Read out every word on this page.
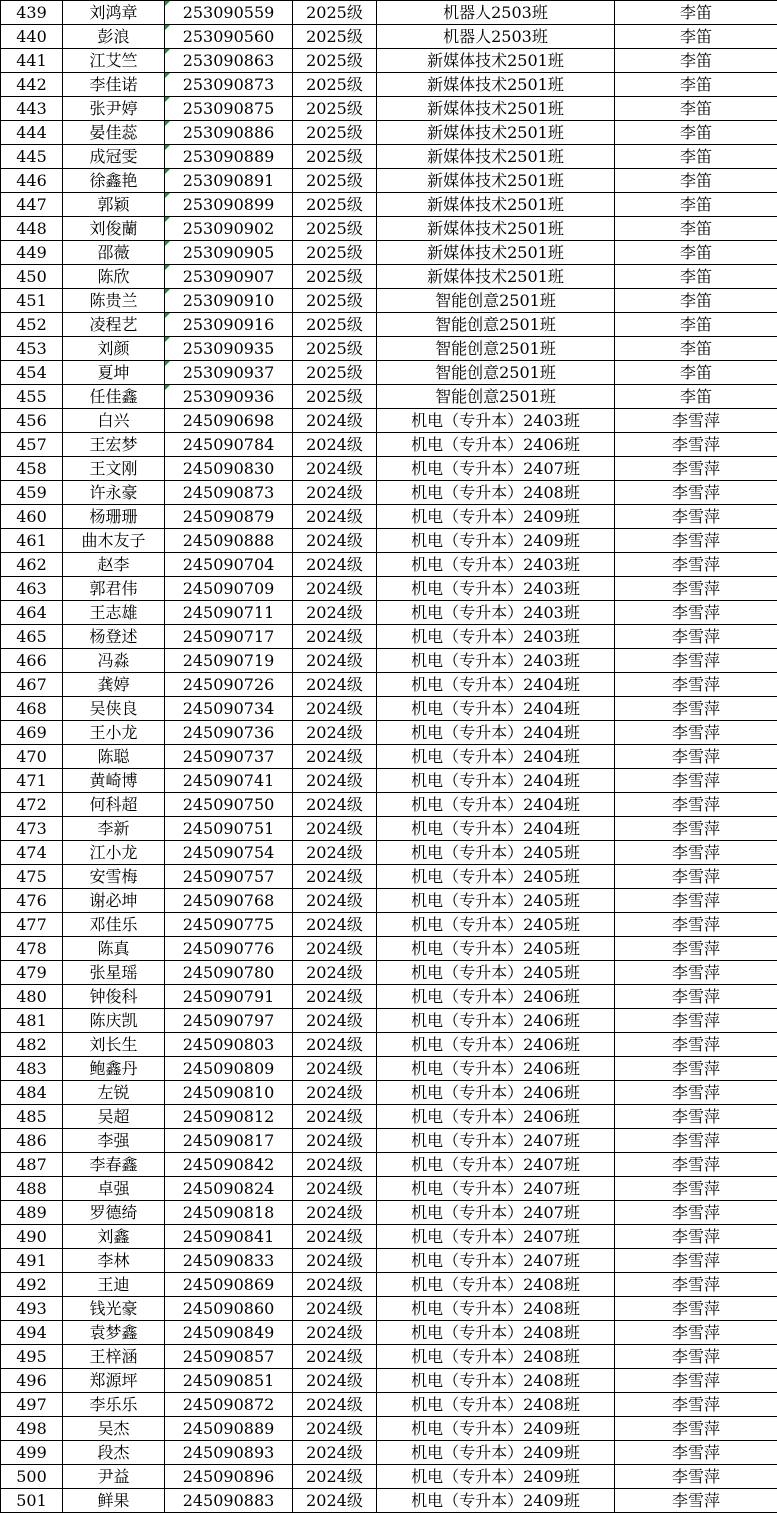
439	刘鸿章	253090559	2025级	机器人2503班	李笛
440	彭浪	253090560	2025级	机器人2503班	李笛
441	江艾竺	253090863	2025级	新媒体技术2501班	李笛
442	李佳诺	253090873	2025级	新媒体技术2501班	李笛
443	张尹婷	253090875	2025级	新媒体技术2501班	李笛
444	晏佳蕊	253090886	2025级	新媒体技术2501班	李笛
445	成冠雯	253090889	2025级	新媒体技术2501班	李笛
446	徐鑫艳	253090891	2025级	新媒体技术2501班	李笛
447	郭颖	253090899	2025级	新媒体技术2501班	李笛
448	刘俊蘭	253090902	2025级	新媒体技术2501班	李笛
449	邵薇	253090905	2025级	新媒体技术2501班	李笛
450	陈欣	253090907	2025级	新媒体技术2501班	李笛
451	陈贵兰	253090910	2025级	智能创意2501班	李笛
452	凌程艺	253090916	2025级	智能创意2501班	李笛
453	刘颜	253090935	2025级	智能创意2501班	李笛
454	夏坤	253090937	2025级	智能创意2501班	李笛
455	任佳鑫	253090936	2025级	智能创意2501班	李笛
456	白兴	245090698	2024级	机电（专升本）2403班	李雪萍
457	王宏梦	245090784	2024级	机电（专升本）2406班	李雪萍
458	王文刚	245090830	2024级	机电（专升本）2407班	李雪萍
459	许永豪	245090873	2024级	机电（专升本）2408班	李雪萍
460	杨珊珊	245090879	2024级	机电（专升本）2409班	李雪萍
461	曲木友子	245090888	2024级	机电（专升本）2409班	李雪萍
462	赵李	245090704	2024级	机电（专升本）2403班	李雪萍
463	郭君伟	245090709	2024级	机电（专升本）2403班	李雪萍
464	王志雄	245090711	2024级	机电（专升本）2403班	李雪萍
465	杨登述	245090717	2024级	机电（专升本）2403班	李雪萍
466	冯淼	245090719	2024级	机电（专升本）2403班	李雪萍
467	龚婷	245090726	2024级	机电（专升本）2404班	李雪萍
468	吴侠良	245090734	2024级	机电（专升本）2404班	李雪萍
469	王小龙	245090736	2024级	机电（专升本）2404班	李雪萍
470	陈聪	245090737	2024级	机电（专升本）2404班	李雪萍
471	黄崎博	245090741	2024级	机电（专升本）2404班	李雪萍
472	何科超	245090750	2024级	机电（专升本）2404班	李雪萍
473	李新	245090751	2024级	机电（专升本）2404班	李雪萍
474	江小龙	245090754	2024级	机电（专升本）2405班	李雪萍
475	安雪梅	245090757	2024级	机电（专升本）2405班	李雪萍
476	谢必坤	245090768	2024级	机电（专升本）2405班	李雪萍
477	邓佳乐	245090775	2024级	机电（专升本）2405班	李雪萍
478	陈真	245090776	2024级	机电（专升本）2405班	李雪萍
479	张星瑶	245090780	2024级	机电（专升本）2405班	李雪萍
480	钟俊科	245090791	2024级	机电（专升本）2406班	李雪萍
481	陈庆凯	245090797	2024级	机电（专升本）2406班	李雪萍
482	刘长生	245090803	2024级	机电（专升本）2406班	李雪萍
483	鲍鑫丹	245090809	2024级	机电（专升本）2406班	李雪萍
484	左锐	245090810	2024级	机电（专升本）2406班	李雪萍
485	吴超	245090812	2024级	机电（专升本）2406班	李雪萍
486	李强	245090817	2024级	机电（专升本）2407班	李雪萍
487	李春鑫	245090842	2024级	机电（专升本）2407班	李雪萍
488	卓强	245090824	2024级	机电（专升本）2407班	李雪萍
489	罗德绮	245090818	2024级	机电（专升本）2407班	李雪萍
490	刘鑫	245090841	2024级	机电（专升本）2407班	李雪萍
491	李林	245090833	2024级	机电（专升本）2407班	李雪萍
492	王迪	245090869	2024级	机电（专升本）2408班	李雪萍
493	钱光豪	245090860	2024级	机电（专升本）2408班	李雪萍
494	袁梦鑫	245090849	2024级	机电（专升本）2408班	李雪萍
495	王梓涵	245090857	2024级	机电（专升本）2408班	李雪萍
496	郑源坪	245090851	2024级	机电（专升本）2408班	李雪萍
497	李乐乐	245090872	2024级	机电（专升本）2408班	李雪萍
498	吴杰	245090889	2024级	机电（专升本）2409班	李雪萍
499	段杰	245090893	2024级	机电（专升本）2409班	李雪萍
500	尹益	245090896	2024级	机电（专升本）2409班	李雪萍
501	鲜果	245090883	2024级	机电（专升本）2409班	李雪萍
